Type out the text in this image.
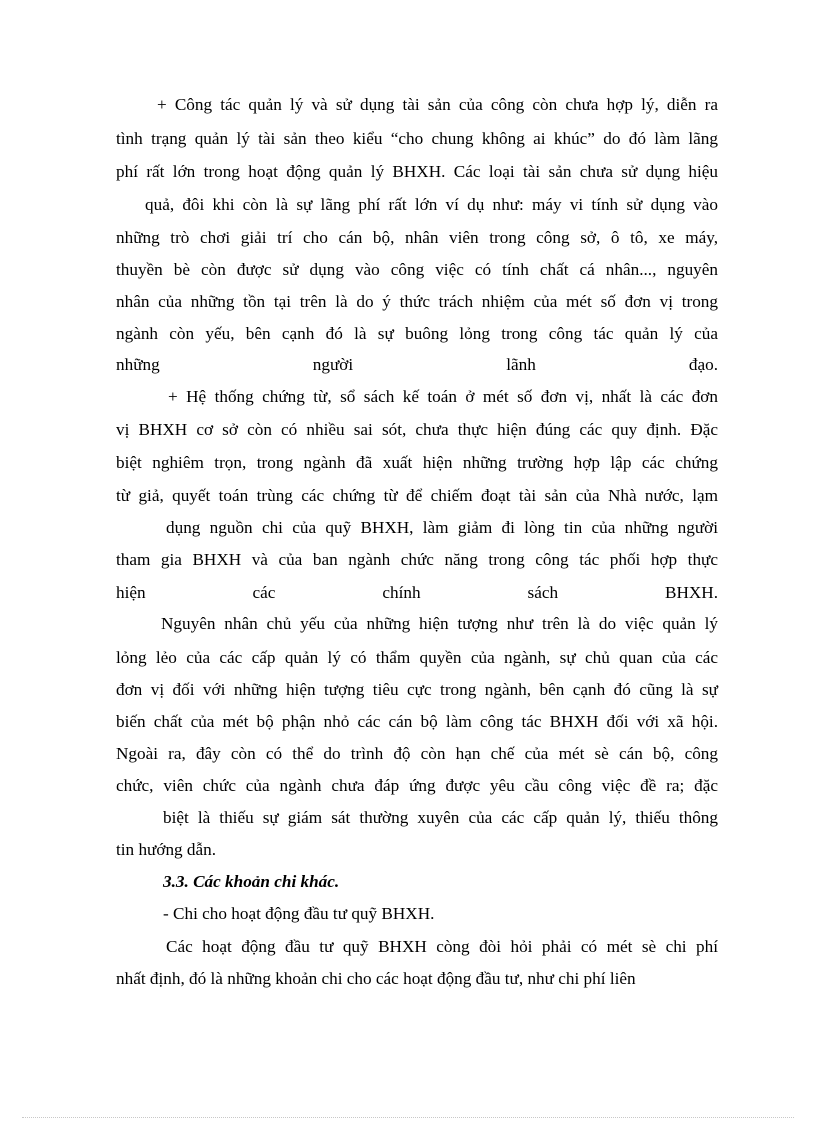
+ Công tác quản lý và sử dụng tài sản của công còn chưa hợp lý, diễn ra
tình trạng quản lý tài sản theo kiểu “cho chung không ai khúc” do đó làm lãng
phí rất lớn trong hoạt động quản lý BHXH. Các loại tài sản chưa sử dụng hiệu
quả, đôi khi còn là sự lãng phí rất lớn ví dụ như: máy vi tính sử dụng vào
những trò chơi giải trí cho cán bộ, nhân viên trong công sở, ô tô, xe máy,
thuyền bè còn được sử dụng vào công việc có tính chất cá nhân..., nguyên
nhân của những tồn tại trên là do ý thức trách nhiệm của mét số đơn vị trong
ngành còn yếu, bên cạnh đó là sự buông lỏng trong công tác quản lý của
những người lãnh đạo.
+ Hệ thống chứng từ, sổ sách kế toán ở mét số đơn vị, nhất là các đơn
vị BHXH cơ sở còn có nhiều sai sót, chưa thực hiện đúng các quy định. Đặc
biệt nghiêm trọn, trong ngành đã xuất hiện những trường hợp lập các chứng
từ giả, quyết toán trùng các chứng từ để chiếm đoạt tài sản của Nhà nước, lạm
dụng nguồn chi của quỹ BHXH, làm giảm đi lòng tin của những người
tham gia BHXH và của ban ngành chức năng trong công tác phối hợp thực
hiện các chính sách BHXH.
Nguyên nhân chủ yếu của những hiện tượng như trên là do việc quản lý
lỏng lẻo của các cấp quản lý có thẩm quyền của ngành, sự chủ quan của các
đơn vị đối với những hiện tượng tiêu cực trong ngành, bên cạnh đó cũng là sự
biến chất của mét bộ phận nhỏ các cán bộ làm công tác BHXH đối với xã hội.
Ngoài ra, đây còn có thể do trình độ còn hạn chế của mét sè cán bộ, công
chức, viên chức của ngành chưa đáp ứng được yêu cầu công việc đề ra; đặc
biệt là thiếu sự giám sát thường xuyên của các cấp quản lý, thiếu thông
tin hướng dẫn.
3.3. Các khoản chi khác.
- Chi cho hoạt động đầu tư quỹ BHXH.
Các hoạt động đầu tư quỹ BHXH còng đòi hỏi phải có mét sè chi phí
nhất định, đó là những khoản chi cho các hoạt động đầu tư, như chi phí liên
